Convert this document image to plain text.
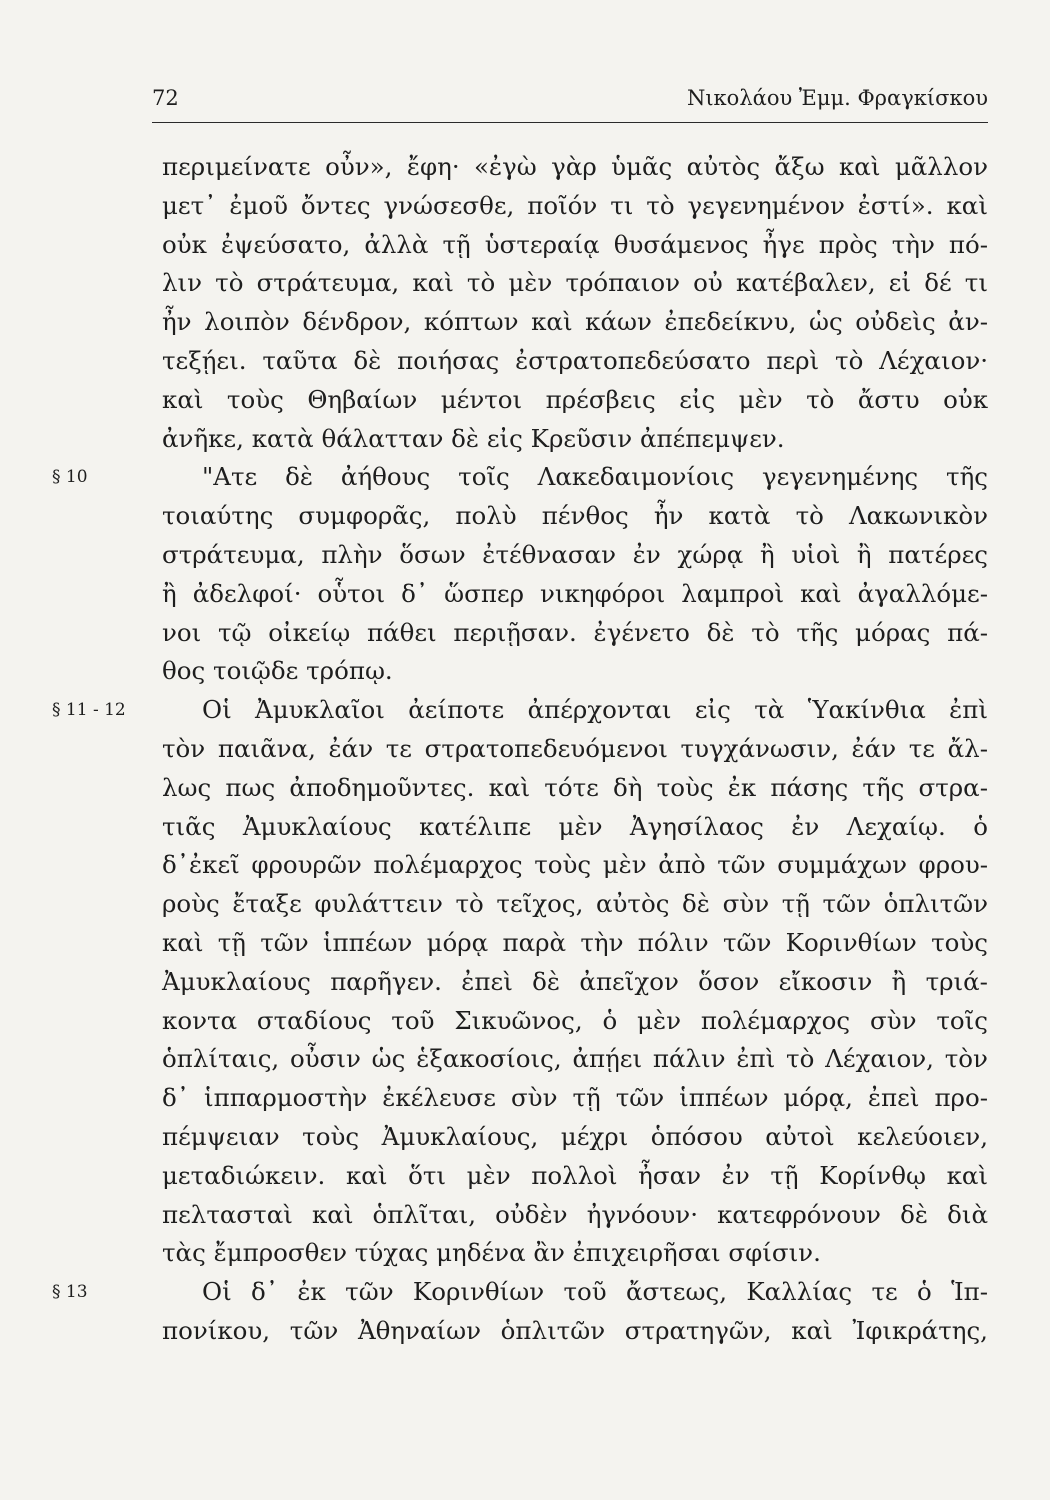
72	Νικολάου Ἐμμ. Φραγκίσκου
περιμείνατε οὖν», ἔφη· «ἐγὼ γὰρ ὑμᾶς αὐτὸς ἄξω καὶ μᾶλλον
μετ᾽ ἐμοῦ ὄντες γνώσεσθε, ποῖόν τι τὸ γεγενημένον ἐστί». καὶ
οὐκ ἐψεύσατο, ἀλλὰ τῇ ὑστεραίᾳ θυσάμενος ἦγε πρὸς τὴν πό-
λιν τὸ στράτευμα, καὶ τὸ μὲν τρόπαιον οὐ κατέβαλεν, εἰ δέ τι
ἦν λοιπὸν δένδρον, κόπτων καὶ κάων ἐπεδείκνυ, ὡς οὐδεὶς ἀν-
τεξῄει. ταῦτα δὲ ποιήσας ἐστρατοπεδεύσατο περὶ τὸ Λέχαιον·
καὶ τοὺς Θηβαίων μέντοι πρέσβεις εἰς μὲν τὸ ἄστυ οὐκ
ἀνῆκε, κατὰ θάλατταν δὲ εἰς Κρεῦσιν ἀπέπεμψεν.
§ 10	"Ατε δὲ ἀήθους τοῖς Λακεδαιμονίοις γεγενημένης τῆς
τοιαύτης συμφορᾶς, πολὺ πένθος ἦν κατὰ τὸ Λακωνικὸν
στράτευμα, πλὴν ὅσων ἐτέθνασαν ἐν χώρᾳ ἢ υἱοὶ ἢ πατέρες
ἢ ἀδελφοί· οὗτοι δ᾽ ὥσπερ νικηφόροι λαμπροὶ καὶ ἀγαλλόμε-
νοι τῷ οἰκείῳ πάθει περιῇσαν. ἐγένετο δὲ τὸ τῆς μόρας πά-
θος τοιῷδε τρόπῳ.
§ 11 - 12	Οἱ Ἀμυκλαῖοι ἀείποτε ἀπέρχονται εἰς τὰ Ὑακίνθια ἐπὶ
τὸν παιᾶνα, ἐάν τε στρατοπεδευόμενοι τυγχάνωσιν, ἐάν τε ἄλ-
λως πως ἀποδημοῦντες. καὶ τότε δὴ τοὺς ἐκ πάσης τῆς στρα-
τιᾶς Ἀμυκλαίους κατέλιπε μὲν Ἀγησίλαος ἐν Λεχαίῳ. ὁ
δ᾽ἐκεῖ φρουρῶν πολέμαρχος τοὺς μὲν ἀπὸ τῶν συμμάχων φρου-
ροὺς ἔταξε φυλάττειν τὸ τεῖχος, αὐτὸς δὲ σὺν τῇ τῶν ὁπλιτῶν
καὶ τῇ τῶν ἱππέων μόρᾳ παρὰ τὴν πόλιν τῶν Κορινθίων τοὺς
Ἀμυκλαίους παρῆγεν. ἐπεὶ δὲ ἀπεῖχον ὅσον εἴκοσιν ἢ τριά-
κοντα σταδίους τοῦ Σικυῶνος, ὁ μὲν πολέμαρχος σὺν τοῖς
ὁπλίταις, οὖσιν ὡς ἑξακοσίοις, ἀπῄει πάλιν ἐπὶ τὸ Λέχαιον, τὸν
δ᾽ ἱππαρμοστὴν ἐκέλευσε σὺν τῇ τῶν ἱππέων μόρᾳ, ἐπεὶ προ-
πέμψειαν τοὺς Ἀμυκλαίους, μέχρι ὁπόσου αὐτοὶ κελεύοιεν,
μεταδιώκειν. καὶ ὅτι μὲν πολλοὶ ἦσαν ἐν τῇ Κορίνθῳ καὶ
πελτασταὶ καὶ ὁπλῖται, οὐδὲν ἠγνόουν· κατεφρόνουν δὲ διὰ
τὰς ἔμπροσθεν τύχας μηδένα ἂν ἐπιχειρῆσαι σφίσιν.
§ 13	Οἱ δ᾽ ἐκ τῶν Κορινθίων τοῦ ἄστεως, Καλλίας τε ὁ Ἱπ-
πονίκου, τῶν Ἀθηναίων ὁπλιτῶν στρατηγῶν, καὶ Ἰφικράτης,
